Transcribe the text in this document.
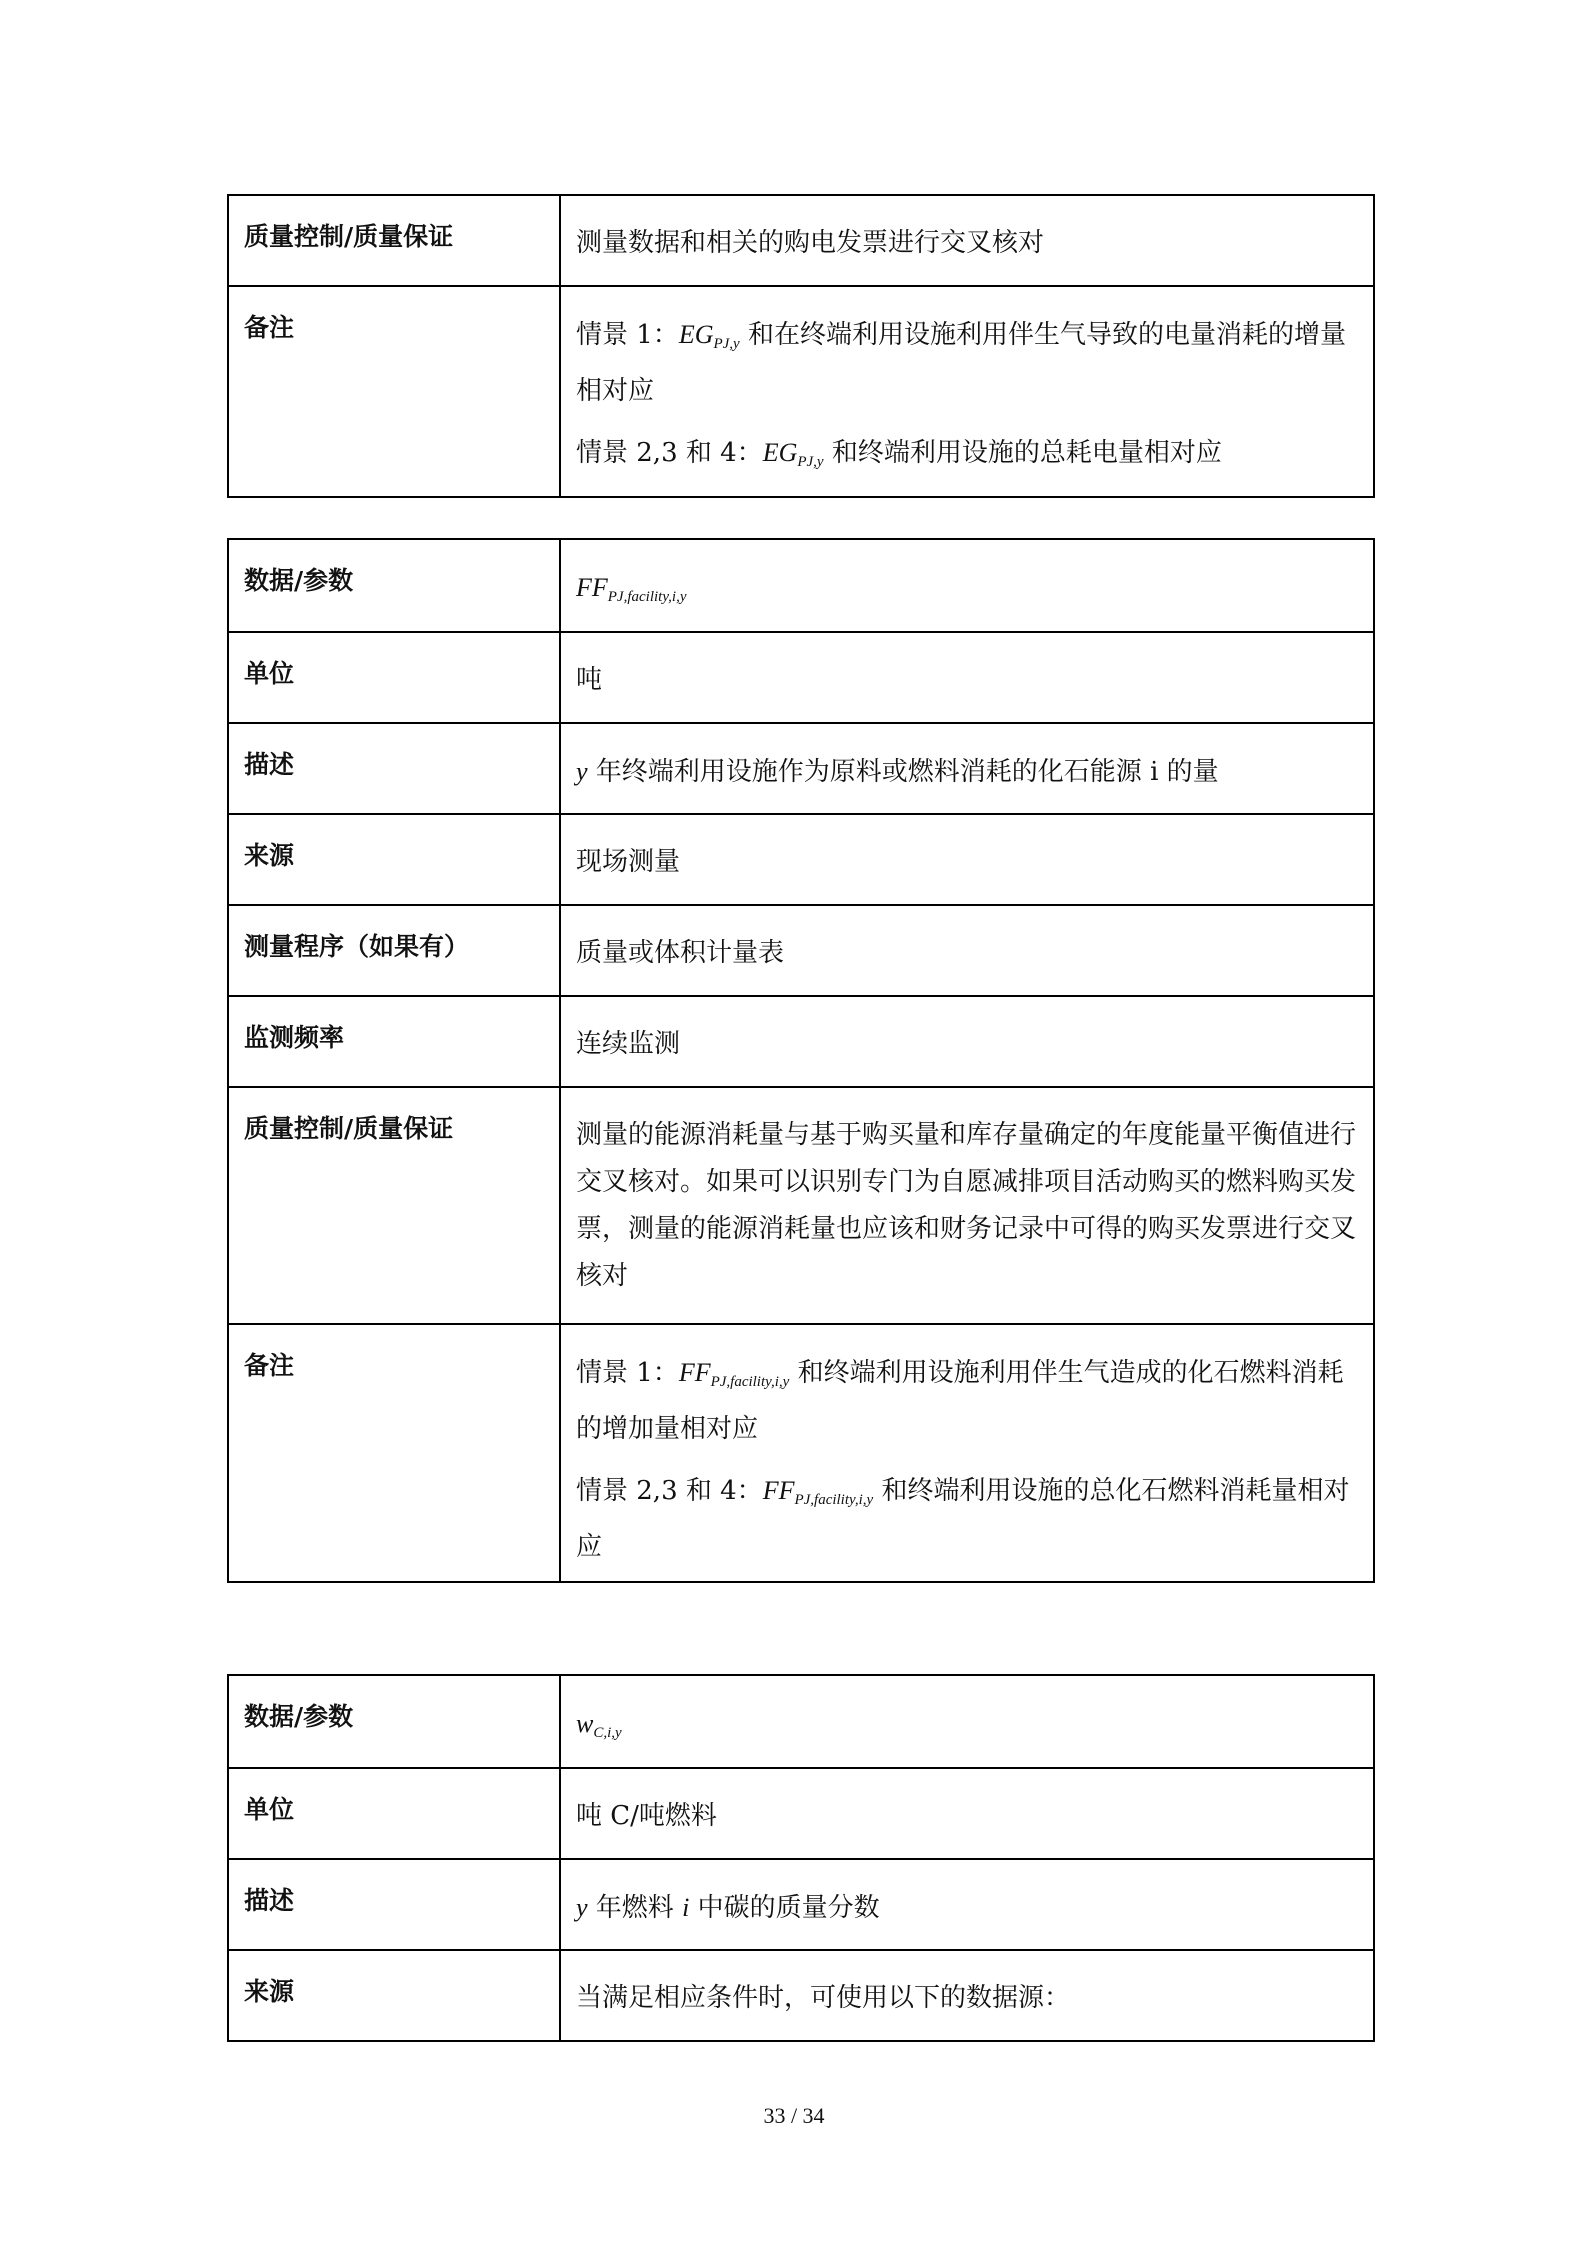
质量控制/质量保证	测量数据和相关的购电发票进行交叉核对
备注	情景 1：$EG_{PJ,y}$ 和在终端利用设施利用伴生气导致的电量消耗的增量相对应
情景 2,3 和 4：$EG_{PJ,y}$ 和终端利用设施的总耗电量相对应
数据/参数	$FF_{PJ,facility,i,y}$
单位	吨
描述	y 年终端利用设施作为原料或燃料消耗的化石能源 i 的量
来源	现场测量
测量程序（如果有）	质量或体积计量表
监测频率	连续监测
质量控制/质量保证	测量的能源消耗量与基于购买量和库存量确定的年度能量平衡值进行交叉核对。如果可以识别专门为自愿减排项目活动购买的燃料购买发票，测量的能源消耗量也应该和财务记录中可得的购买发票进行交叉核对
备注	情景 1：$FF_{PJ,facility,i,y}$ 和终端利用设施利用伴生气造成的化石燃料消耗的增加量相对应
情景 2,3 和 4：$FF_{PJ,facility,i,y}$ 和终端利用设施的总化石燃料消耗量相对应
数据/参数	$w_{C,i,y}$
单位	吨 C/吨燃料
描述	y 年燃料 i 中碳的质量分数
来源	当满足相应条件时，可使用以下的数据源：
33 / 34
